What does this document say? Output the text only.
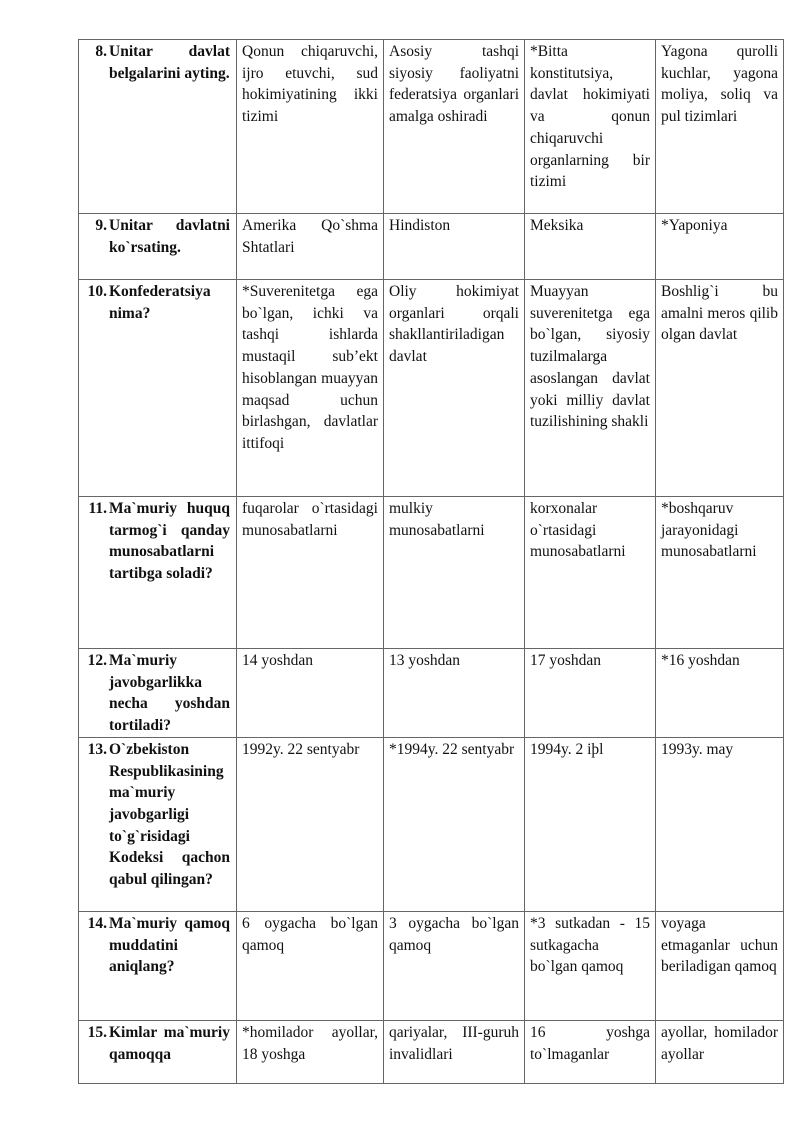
8. Unitar davlat belgalarini ayting.	Qonun chiqaruvchi, ijro etuvchi, sud hokimiyatining ikki tizimi	Asosiy tashqi siyosiy faoliyatni federatsiya organlari amalga oshiradi	*Bitta konstitutsiya, davlat hokimiyati va qonun chiqaruvchi organlarning bir tizimi	Yagona qurolli kuchlar, yagona moliya, soliq va pul tizimlari

9. Unitar davlatni ko`rsating.	Amerika Qo`shma Shtatlari	Hindiston	Meksika	*Yaponiya

10. Konfederatsiya nima?	*Suverenitetga ega bo`lgan, ichki va tashqi ishlarda mustaqil sub’ekt hisoblangan muayyan maqsad uchun birlashgan, davlatlar ittifoqi	Oliy hokimiyat organlari orqali shakllantiriladigan davlat	Muayyan suverenitetga ega bo`lgan, siyosiy tuzilmalarga asoslangan davlat yoki milliy davlat tuzilishining shakli	Boshlig`i bu amalni meros qilib olgan davlat

11. Ma`muriy huquq tarmog`i qanday munosabatlarni tartibga soladi?	fuqarolar o`rtasidagi munosabatlarni	mulkiy munosabatlarni	korxonalar o`rtasidagi munosabatlarni	*boshqaruv jarayonidagi munosabatlarni

12. Ma`muriy javobgarlikka necha yoshdan tortiladi?	14 yoshdan	13 yoshdan	17 yoshdan	*16 yoshdan

13. O`zbekiston Respublikasining ma`muriy javobgarligi to`g`risidagi Kodeksi qachon qabul qilingan?	1992y. 22 sentyabr	*1994y. 22 sentyabr	1994y. 2 iþl	1993y. may

14. Ma`muriy qamoq muddatini aniqlang?	6 oygacha bo`lgan qamoq	3 oygacha bo`lgan qamoq	*3 sutkadan - 15 sutkagacha bo`lgan qamoq	voyaga etmaganlar uchun beriladigan qamoq

15. Kimlar ma`muriy qamoqqa	*homilador ayollar, 18 yoshga	qariyalar, III-guruh invalidlari	16 yoshga to`lmaganlar	ayollar, homilador ayollar
